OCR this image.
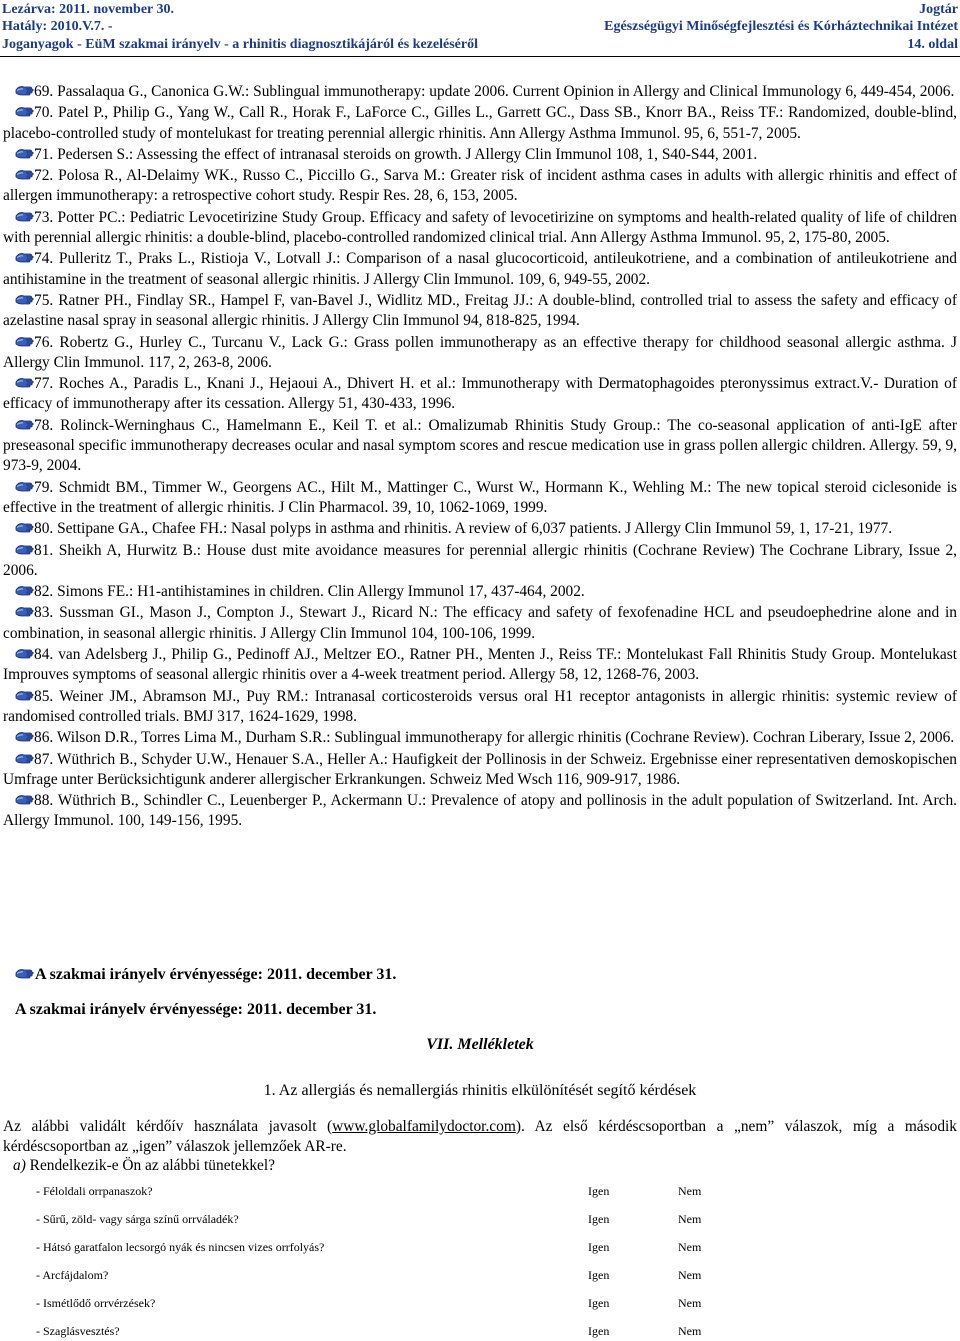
Lezárva: 2011. november 30.
Hatály: 2010.V.7. -
Joganyagok - EüM szakmai irányelv - a rhinitis diagnosztikájáról és kezeléséről
Jogtár
Egészségügyi Minőségfejlesztési és Kórháztechnikai Intézet
14. oldal
69. Passalaqua G., Canonica G.W.: Sublingual immunotherapy: update 2006. Current Opinion in Allergy and Clinical Immunology 6, 449-454, 2006.
70. Patel P., Philip G., Yang W., Call R., Horak F., LaForce C., Gilles L., Garrett GC., Dass SB., Knorr BA., Reiss TF.: Randomized, double-blind, placebo-controlled study of montelukast for treating perennial allergic rhinitis. Ann Allergy Asthma Immunol. 95, 6, 551-7, 2005.
71. Pedersen S.: Assessing the effect of intranasal steroids on growth. J Allergy Clin Immunol 108, 1, S40-S44, 2001.
72. Polosa R., Al-Delaimy WK., Russo C., Piccillo G., Sarva M.: Greater risk of incident asthma cases in adults with allergic rhinitis and effect of allergen immunotherapy: a retrospective cohort study. Respir Res. 28, 6, 153, 2005.
73. Potter PC.: Pediatric Levocetirizine Study Group. Efficacy and safety of levocetirizine on symptoms and health-related quality of life of children with perennial allergic rhinitis: a double-blind, placebo-controlled randomized clinical trial. Ann Allergy Asthma Immunol. 95, 2, 175-80, 2005.
74. Pulleritz T., Praks L., Ristioja V., Lotvall J.: Comparison of a nasal glucocorticoid, antileukotriene, and a combination of antileukotriene and antihistamine in the treatment of seasonal allergic rhinitis. J Allergy Clin Immunol. 109, 6, 949-55, 2002.
75. Ratner PH., Findlay SR., Hampel F, van-Bavel J., Widlitz MD., Freitag JJ.: A double-blind, controlled trial to assess the safety and efficacy of azelastine nasal spray in seasonal allergic rhinitis. J Allergy Clin Immunol 94, 818-825, 1994.
76. Robertz G., Hurley C., Turcanu V., Lack G.: Grass pollen immunotherapy as an effective therapy for childhood seasonal allergic asthma. J Allergy Clin Immunol. 117, 2, 263-8, 2006.
77. Roches A., Paradis L., Knani J., Hejaoui A., Dhivert H. et al.: Immunotherapy with Dermatophagoides pteronyssimus extract.V.- Duration of efficacy of immunotherapy after its cessation. Allergy 51, 430-433, 1996.
78. Rolinck-Werninghaus C., Hamelmann E., Keil T. et al.: Omalizumab Rhinitis Study Group.: The co-seasonal application of anti-IgE after preseasonal specific immunotherapy decreases ocular and nasal symptom scores and rescue medication use in grass pollen allergic children. Allergy. 59, 9, 973-9, 2004.
79. Schmidt BM., Timmer W., Georgens AC., Hilt M., Mattinger C., Wurst W., Hormann K., Wehling M.: The new topical steroid ciclesonide is effective in the treatment of allergic rhinitis. J Clin Pharmacol. 39, 10, 1062-1069, 1999.
80. Settipane GA., Chafee FH.: Nasal polyps in asthma and rhinitis. A review of 6,037 patients. J Allergy Clin Immunol 59, 1, 17-21, 1977.
81. Sheikh A, Hurwitz B.: House dust mite avoidance measures for perennial allergic rhinitis (Cochrane Review) The Cochrane Library, Issue 2, 2006.
82. Simons FE.: H1-antihistamines in children. Clin Allergy Immunol 17, 437-464, 2002.
83. Sussman GI., Mason J., Compton J., Stewart J., Ricard N.: The efficacy and safety of fexofenadine HCL and pseudoephedrine alone and in combination, in seasonal allergic rhinitis. J Allergy Clin Immunol 104, 100-106, 1999.
84. van Adelsberg J., Philip G., Pedinoff AJ., Meltzer EO., Ratner PH., Menten J., Reiss TF.: Montelukast Fall Rhinitis Study Group. Montelukast Improuves symptoms of seasonal allergic rhinitis over a 4-week treatment period. Allergy 58, 12, 1268-76, 2003.
85. Weiner JM., Abramson MJ., Puy RM.: Intranasal corticosteroids versus oral H1 receptor antagonists in allergic rhinitis: systemic review of randomised controlled trials. BMJ 317, 1624-1629, 1998.
86. Wilson D.R., Torres Lima M., Durham S.R.: Sublingual immunotherapy for allergic rhinitis (Cochrane Review). Cochran Liberary, Issue 2, 2006.
87. Wüthrich B., Schyder U.W., Henauer S.A., Heller A.: Haufigkeit der Pollinosis in der Schweiz. Ergebnisse einer representativen demoskopischen Umfrage unter Berücksichtigunk anderer allergischer Erkrankungen. Schweiz Med Wsch 116, 909-917, 1986.
88. Wüthrich B., Schindler C., Leuenberger P., Ackermann U.: Prevalence of atopy and pollinosis in the adult population of Switzerland. Int. Arch. Allergy Immunol. 100, 149-156, 1995.
A szakmai irányelv érvényessége: 2011. december 31.
A szakmai irányelv érvényessége: 2011. december 31.
VII. Mellékletek
1. Az allergiás és nemallergiás rhinitis elkülönítését segítő kérdések
Az alábbi validált kérdőív használata javasolt (www.globalfamilydoctor.com). Az első kérdéscsoportban a „nem” válaszok, míg a második kérdéscsoportban az „igen” válaszok jellemzőek AR-re.
a) Rendelkezik-e Ön az alábbi tünetekkel?
- Féloldali orrpanaszok?	Igen	Nem
- Sűrű, zöld- vagy sárga színű orrváladék?	Igen	Nem
- Hátsó garatfalon lecsorgó nyák és nincsen vizes orrfolyás?	Igen	Nem
- Arcfájdalom?	Igen	Nem
- Ismétlődő orrvérzések?	Igen	Nem
- Szaglásvesztés?	Igen	Nem
